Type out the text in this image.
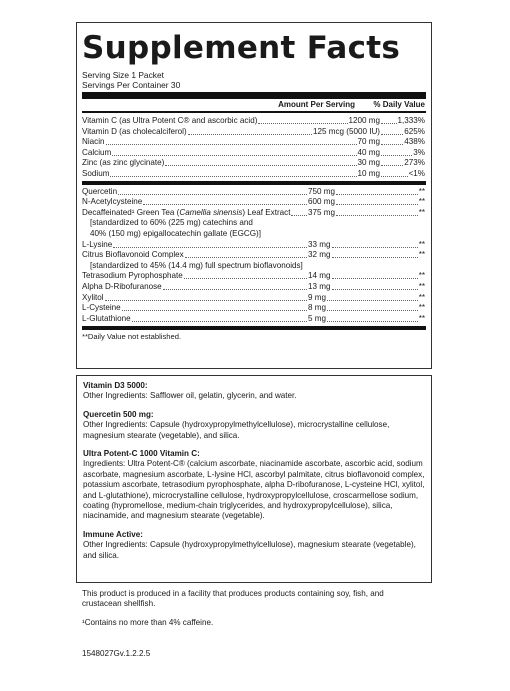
Supplement Facts
Serving Size 1 Packet
Servings Per Container 30
Amount Per Serving % Daily Value
Vitamin C (as Ultra Potent C® and ascorbic acid)	1200 mg 1,333%
Vitamin D (as cholecalciferol)	125 mcg (5000 IU)	625%
Niacin	70 mg	438%
Calcium	40 mg	3%
Zinc (as zinc glycinate)	30 mg	273%
Sodium	10 mg	<1%
Quercetin	750 mg	**
N-Acetylcysteine	600 mg	**
Decaffeinated¹ Green Tea (Camellia sinensis) Leaf Extract 375 mg	**
[standardized to 60% (225 mg) catechins and
40% (150 mg) epigallocatechin gallate (EGCG)]
L-Lysine	33 mg	**
Citrus Bioflavonoid Complex	32 mg	**
[standardized to 45% (14.4 mg) full spectrum bioflavonoids]
Tetrasodium Pyrophosphate	14 mg	**
Alpha D-Ribofuranose	13 mg	**
Xylitol	9 mg	**
L-Cysteine	8 mg	**
L-Glutathione	5 mg	**
**Daily Value not established.
Vitamin D3 5000:
Other Ingredients: Safflower oil, gelatin, glycerin, and water.
Quercetin 500 mg:
Other Ingredients: Capsule (hydroxypropylmethylcellulose), microcrystalline cellulose, magnesium stearate (vegetable), and silica.
Ultra Potent-C 1000 Vitamin C:
Ingredients: Ultra Potent-C® (calcium ascorbate, niacinamide ascorbate, ascorbic acid, sodium ascorbate, magnesium ascorbate, L-lysine HCl, ascorbyl palmitate, citrus bioflavonoid complex, potassium ascorbate, tetrasodium pyrophosphate, alpha D-ribofuranose, L-cysteine HCl, xylitol, and L-glutathione), microcrystalline cellulose, hydroxypropylcellulose, croscarmellose sodium, coating (hypromellose, medium-chain triglycerides, and hydroxypropylcellulose), silica, niacinamide, and magnesium stearate (vegetable).
Immune Active:
Other Ingredients: Capsule (hydroxypropylmethylcellulose), magnesium stearate (vegetable), and silica.
This product is produced in a facility that produces products containing soy, fish, and crustacean shellfish.
¹Contains no more than 4% caffeine.
1548027Gv.1.2.2.5
